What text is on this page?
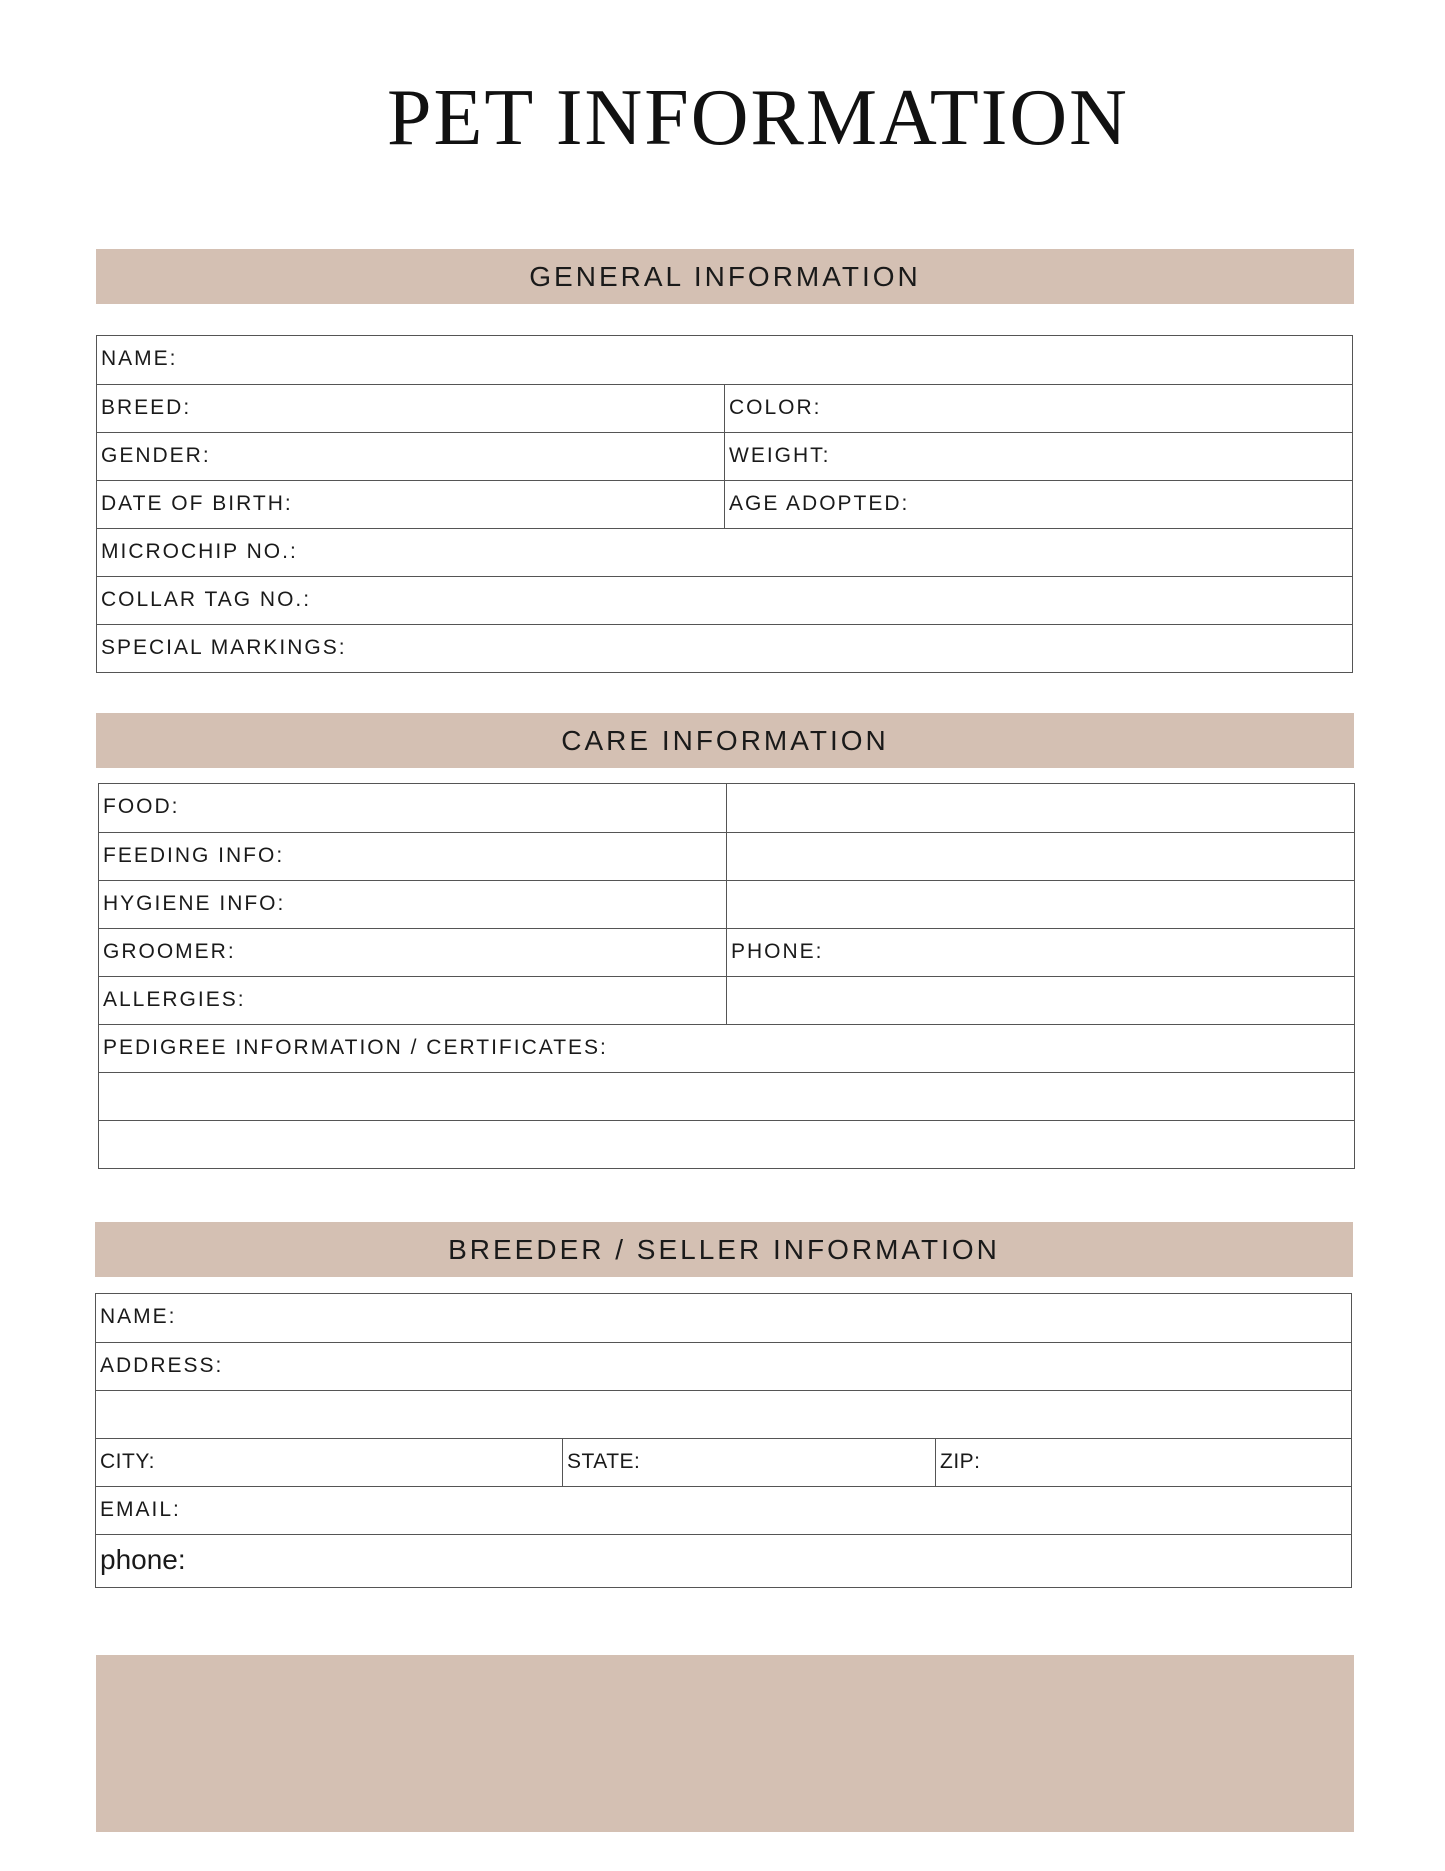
PET INFORMATION
GENERAL INFORMATION
NAME:
BREED:	COLOR:
GENDER:	WEIGHT:
DATE OF BIRTH:	AGE ADOPTED:
MICROCHIP NO.:
COLLAR TAG NO.:
SPECIAL MARKINGS:
CARE INFORMATION
FOOD:
FEEDING INFO:
HYGIENE INFO:
GROOMER:	PHONE:
ALLERGIES:
PEDIGREE INFORMATION / CERTIFICATES:
BREEDER / SELLER INFORMATION
NAME:
ADDRESS:
CITY:	STATE:	ZIP:
EMAIL:
phone:
